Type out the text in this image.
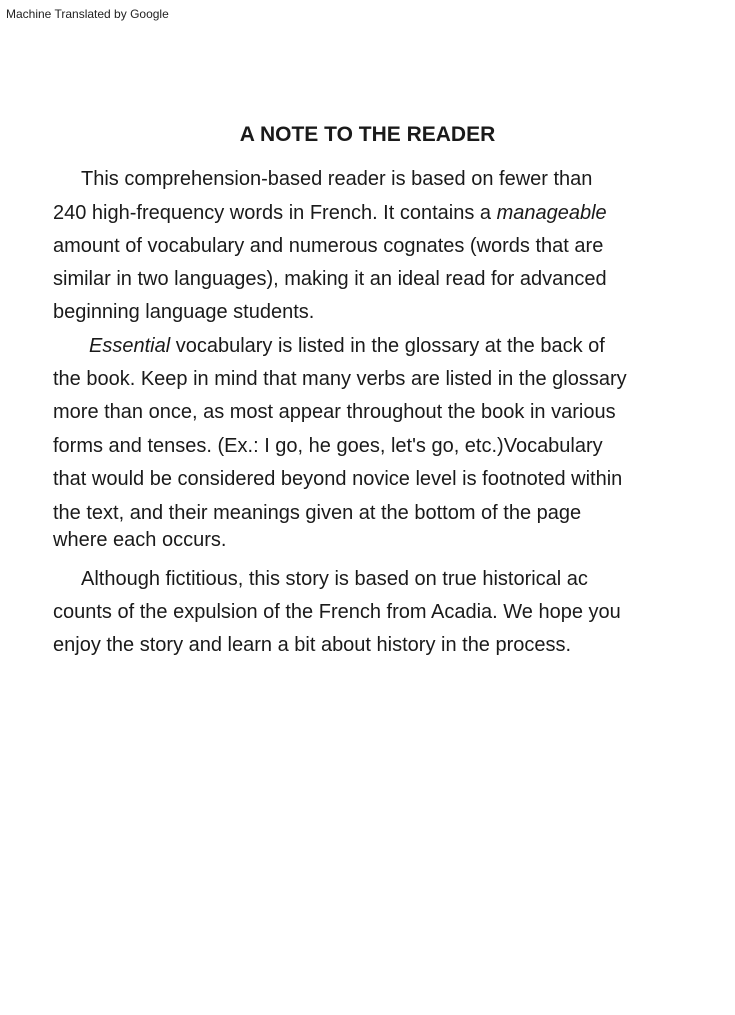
Machine Translated by Google
A NOTE TO THE READER

This comprehension-based reader is based on fewer than

240 high-frequency words in French. It contains a manageable

amount of vocabulary and numerous cognates (words that are

similar in two languages), making it an ideal read for advanced

beginning language students.

Essential vocabulary is listed in the glossary at the back of

the book. Keep in mind that many verbs are listed in the glossary

more than once, as most appear throughout the book in various

forms and tenses. (Ex.: I go, he goes, let's go, etc.)Vocabulary

that would be considered beyond novice level is footnoted within

the text, and their meanings given at the bottom of the page

where each occurs.

Although fictitious, this story is based on true historical ac

counts of the expulsion of the French from Acadia. We hope you

enjoy the story and learn a bit about history in the process.
